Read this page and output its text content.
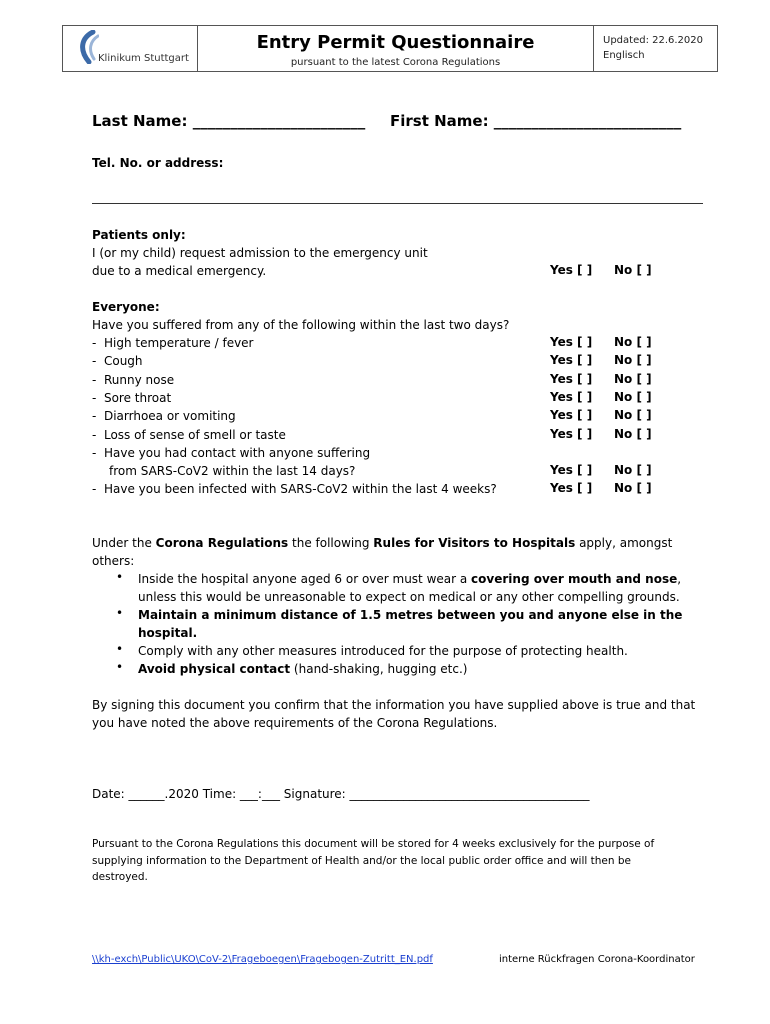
Klinikum Stuttgart
Entry Permit Questionnaire
pursuant to the latest Corona Regulations
Updated: 22.6.2020
Englisch
Last Name: _______________________ First Name: _________________________
Tel. No. or address:
Patients only:
I (or my child) request admission to the emergency unit
due to a medical emergency.	Yes [ ] No [ ]
Everyone:
Have you suffered from any of the following within the last two days?
-  High temperature / fever	Yes [ ] No [ ]
-  Cough	Yes [ ] No [ ]
-  Runny nose	Yes [ ] No [ ]
-  Sore throat	Yes [ ] No [ ]
-  Diarrhoea or vomiting	Yes [ ] No [ ]
-  Loss of sense of smell or taste	Yes [ ] No [ ]
-  Have you had contact with anyone suffering
from SARS-CoV2 within the last 14 days?	Yes [ ] No [ ]
-  Have you been infected with SARS-CoV2 within the last 4 weeks?	Yes [ ] No [ ]
Under the Corona Regulations the following Rules for Visitors to Hospitals apply, amongst
others:
• Inside the hospital anyone aged 6 or over must wear a covering over mouth and nose,
unless this would be unreasonable to expect on medical or any other compelling grounds.
• Maintain a minimum distance of 1.5 metres between you and anyone else in the
hospital.
• Comply with any other measures introduced for the purpose of protecting health.
• Avoid physical contact (hand-shaking, hugging etc.)
By signing this document you confirm that the information you have supplied above is true and that
you have noted the above requirements of the Corona Regulations.
Date: ______.2020 Time: ___:___ Signature: ________________________________________
Pursuant to the Corona Regulations this document will be stored for 4 weeks exclusively for the purpose of
supplying information to the Department of Health and/or the local public order office and will then be
destroyed.
\\kh-exch\Public\UKO\CoV-2\Frageboegen\Fragebogen-Zutritt_EN.pdf	interne Rückfragen Corona-Koordinator
